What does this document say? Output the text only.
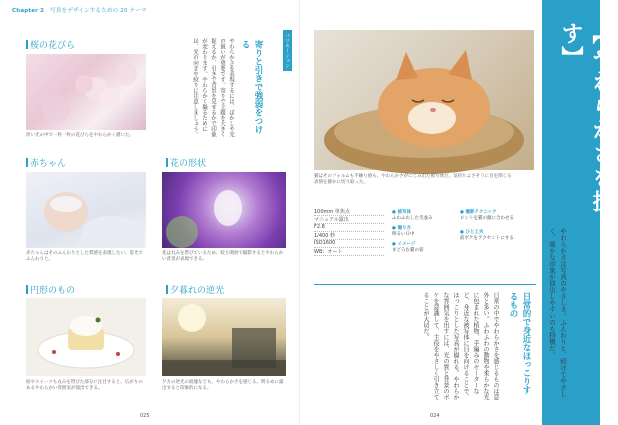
Chapter 2 写真をデザインするための 20 テーマ
桜の花びら
淡い光の中で一枚一枚の花びらをやわらかく描いた。
バリエーション
寄りと引きで強弱をつける
やわらかさを表現するには、ぼかしや光の扱いが重要です。寄りで主題を大きく捉えるか、引きで背景を見せるかで印象が変わります。やわらかく撮るためには、光の向きや絞りに注意しましょう。
赤ちゃん
赤ちゃんはそのふんわりとした質感を表現したい。窓光でふんわりと。
花の形状
花は丸みを帯びているため、絞り開放で撮影するとやわらかい背景が表現できる。
円形のもの
皿やスイーツも丸みを帯びた部分に注目すると、広がりのあるやわらかい雰囲気が演出できる。
夕暮れの逆光
夕方の逆光の廃墟なども、やわらかさを感じる。明るめに露出すると印象的になる。
025
猫はそのフォルムも手触り感も、やわらかさがにじみ出た被写体だ。気持ちよさそうに目を閉じる表情を静かに切り取った。
100mm 単焦点
マニュアル露出
F2.8
1/400 秒
ISO1600
WB：オート
● 被写体
ふわふわした毛並み
● 撮り方
明るい日中
● イメージ
まどろむ猫の姿
● 撮影テクニック
ピントを猫の顔に合わせる
● ひと工夫
前ボケをアクセントにする
日常的で身近なほっこりするもの
日常の中でやわらかさを感じるものは意外と多い。ふわふわの動物や柔らかな光に包まれた植物、手編みのセーターなど、身近な被写体に目を向けることで、ほっこりとした写真が撮れる。やわらかな雰囲気を出すには、光の質と背景のボケを意識して、主役をやさしく引き立てることが大切だ。
【やわらかさを探す】
やわらかさは写真のやさしさ。ふんわりと、続けてやさしく、暖かな印象が演出しやすいのも特徴だ。
024
